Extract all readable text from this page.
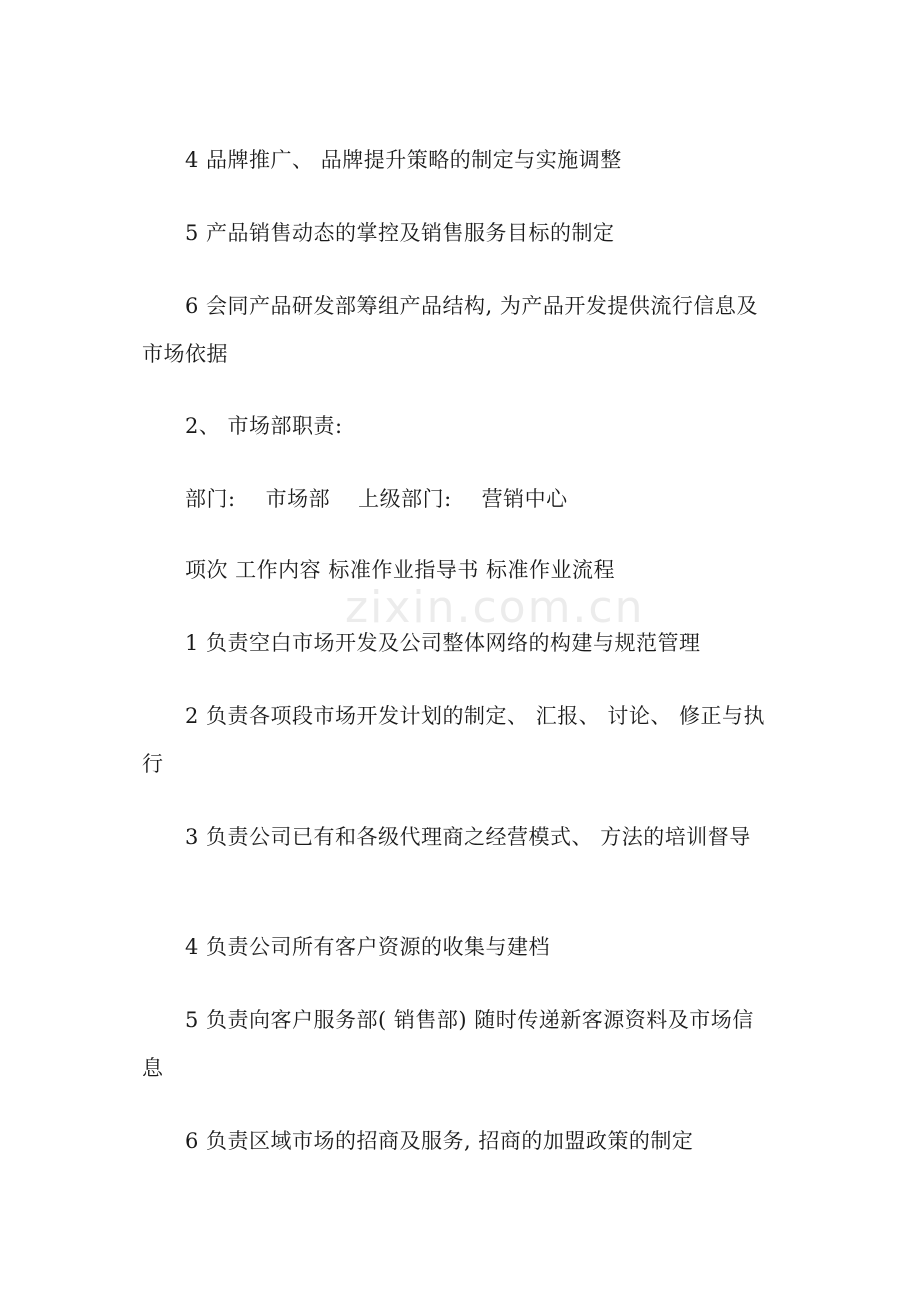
zixin.com.cn
4 品牌推广、 品牌提升策略的制定与实施调整
5 产品销售动态的掌控及销售服务目标的制定
6 会同产品研发部筹组产品结构, 为产品开发提供流行信息及
市场依据
2、 市场部职责:
部门: 市场部 上级部门: 营销中心
项次 工作内容 标准作业指导书 标准作业流程
1 负责空白市场开发及公司整体网络的构建与规范管理
2 负责各项段市场开发计划的制定、 汇报、 讨论、 修正与执
行
3 负责公司已有和各级代理商之经营模式、 方法的培训督导
4 负责公司所有客户资源的收集与建档
5 负责向客户服务部( 销售部) 随时传递新客源资料及市场信
息
6 负责区域市场的招商及服务, 招商的加盟政策的制定
